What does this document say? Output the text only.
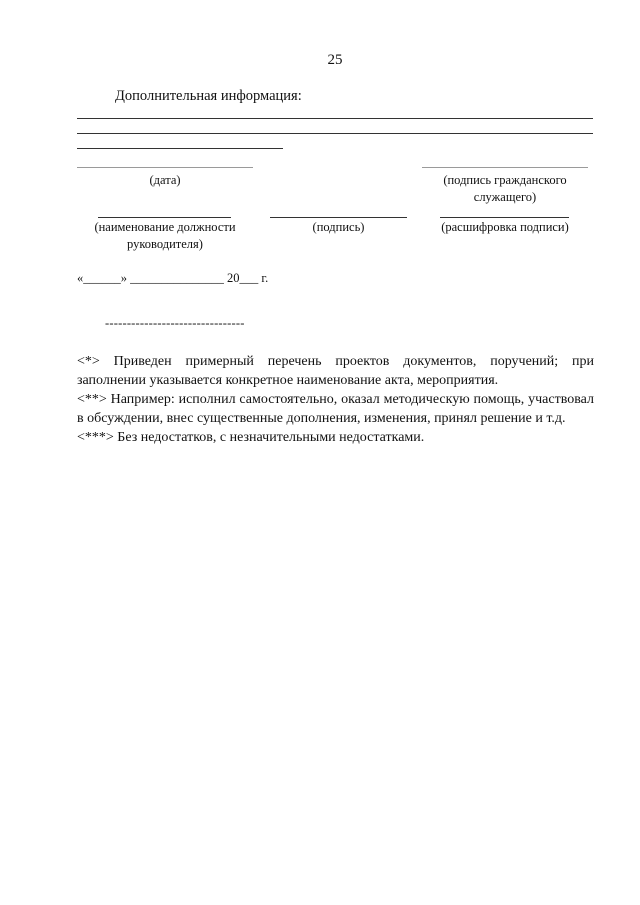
25
Дополнительная информация:
(дата)	(подпись гражданского
служащего)
(наименование должности
руководителя)
(подпись)	(расшифровка подписи)
«______» _______________ 20___ г.
--------------------------------

<*> Приведен примерный перечень проектов документов, поручений; при заполнении указывается конкретное наименование акта, мероприятия.

<**> Например: исполнил самостоятельно, оказал методическую помощь, участвовал в обсуждении, внес существенные дополнения, изменения, принял решение и т.д.

<***> Без недостатков, с незначительными недостатками.
